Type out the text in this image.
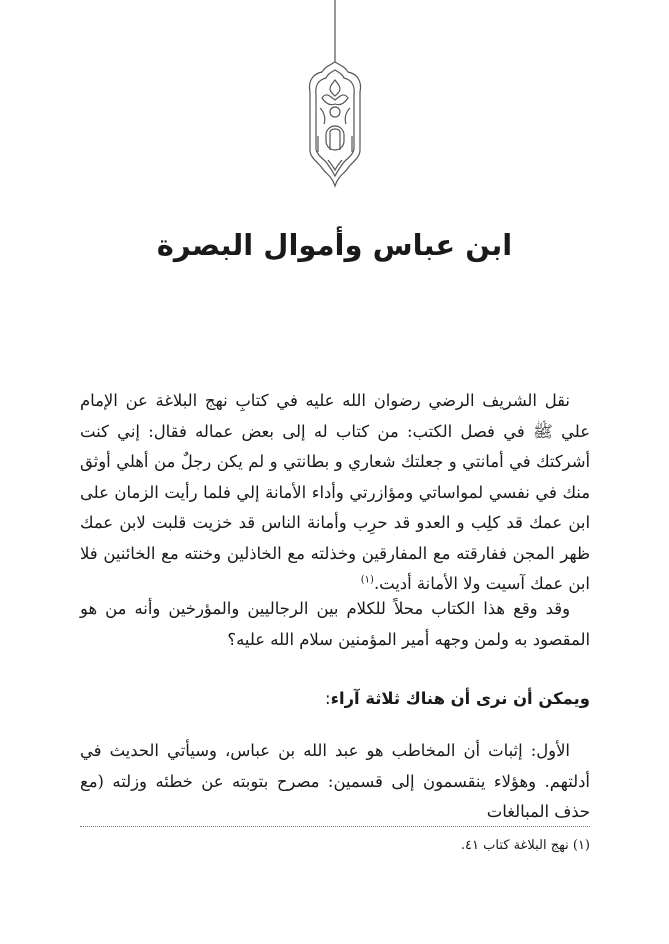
ابن عباس وأموال البصرة

نقل الشريف الرضي رضوان الله عليه في كتابِ نهج البلاغة عن الإمام علي ﷺ في فصل الكتب: من كتاب له إلى بعض عماله فقال: إني كنت أشركتك في أمانتي و جعلتك شعاري و بطانتي و لم يكن رجلٌ من أهلي أوثق منك في نفسي لمواساتي ومؤازرتي وأداء الأمانة إلي فلما رأيت الزمان على ابن عمك قد كلِب و العدو قد حرِب وأمانة الناس قد خزيت قلبت لابن عمك ظهر المجن ففارقته مع المفارقين وخذلته مع الخاذلين وخنته مع الخائنين فلا ابن عمك آسيت ولا الأمانة أديت.$^{(١)}$

وقد وقع هذا الكتاب محلاً للكلام بين الرجاليين والمؤرخين وأنه من هو المقصود به ولمن وجهه أمير المؤمنين سلام الله عليه؟

ويمكن أن نرى أن هناك ثلاثة آراء:

الأول: إثبات أن المخاطب هو عبد الله بن عباس، وسيأتي الحديث في أدلتهم. وهؤلاء ينقسمون إلى قسمين: مصرح بتوبته عن خطئه وزلته (مع حذف المبالغات

(١) نهج البلاغة كتاب ٤١.
